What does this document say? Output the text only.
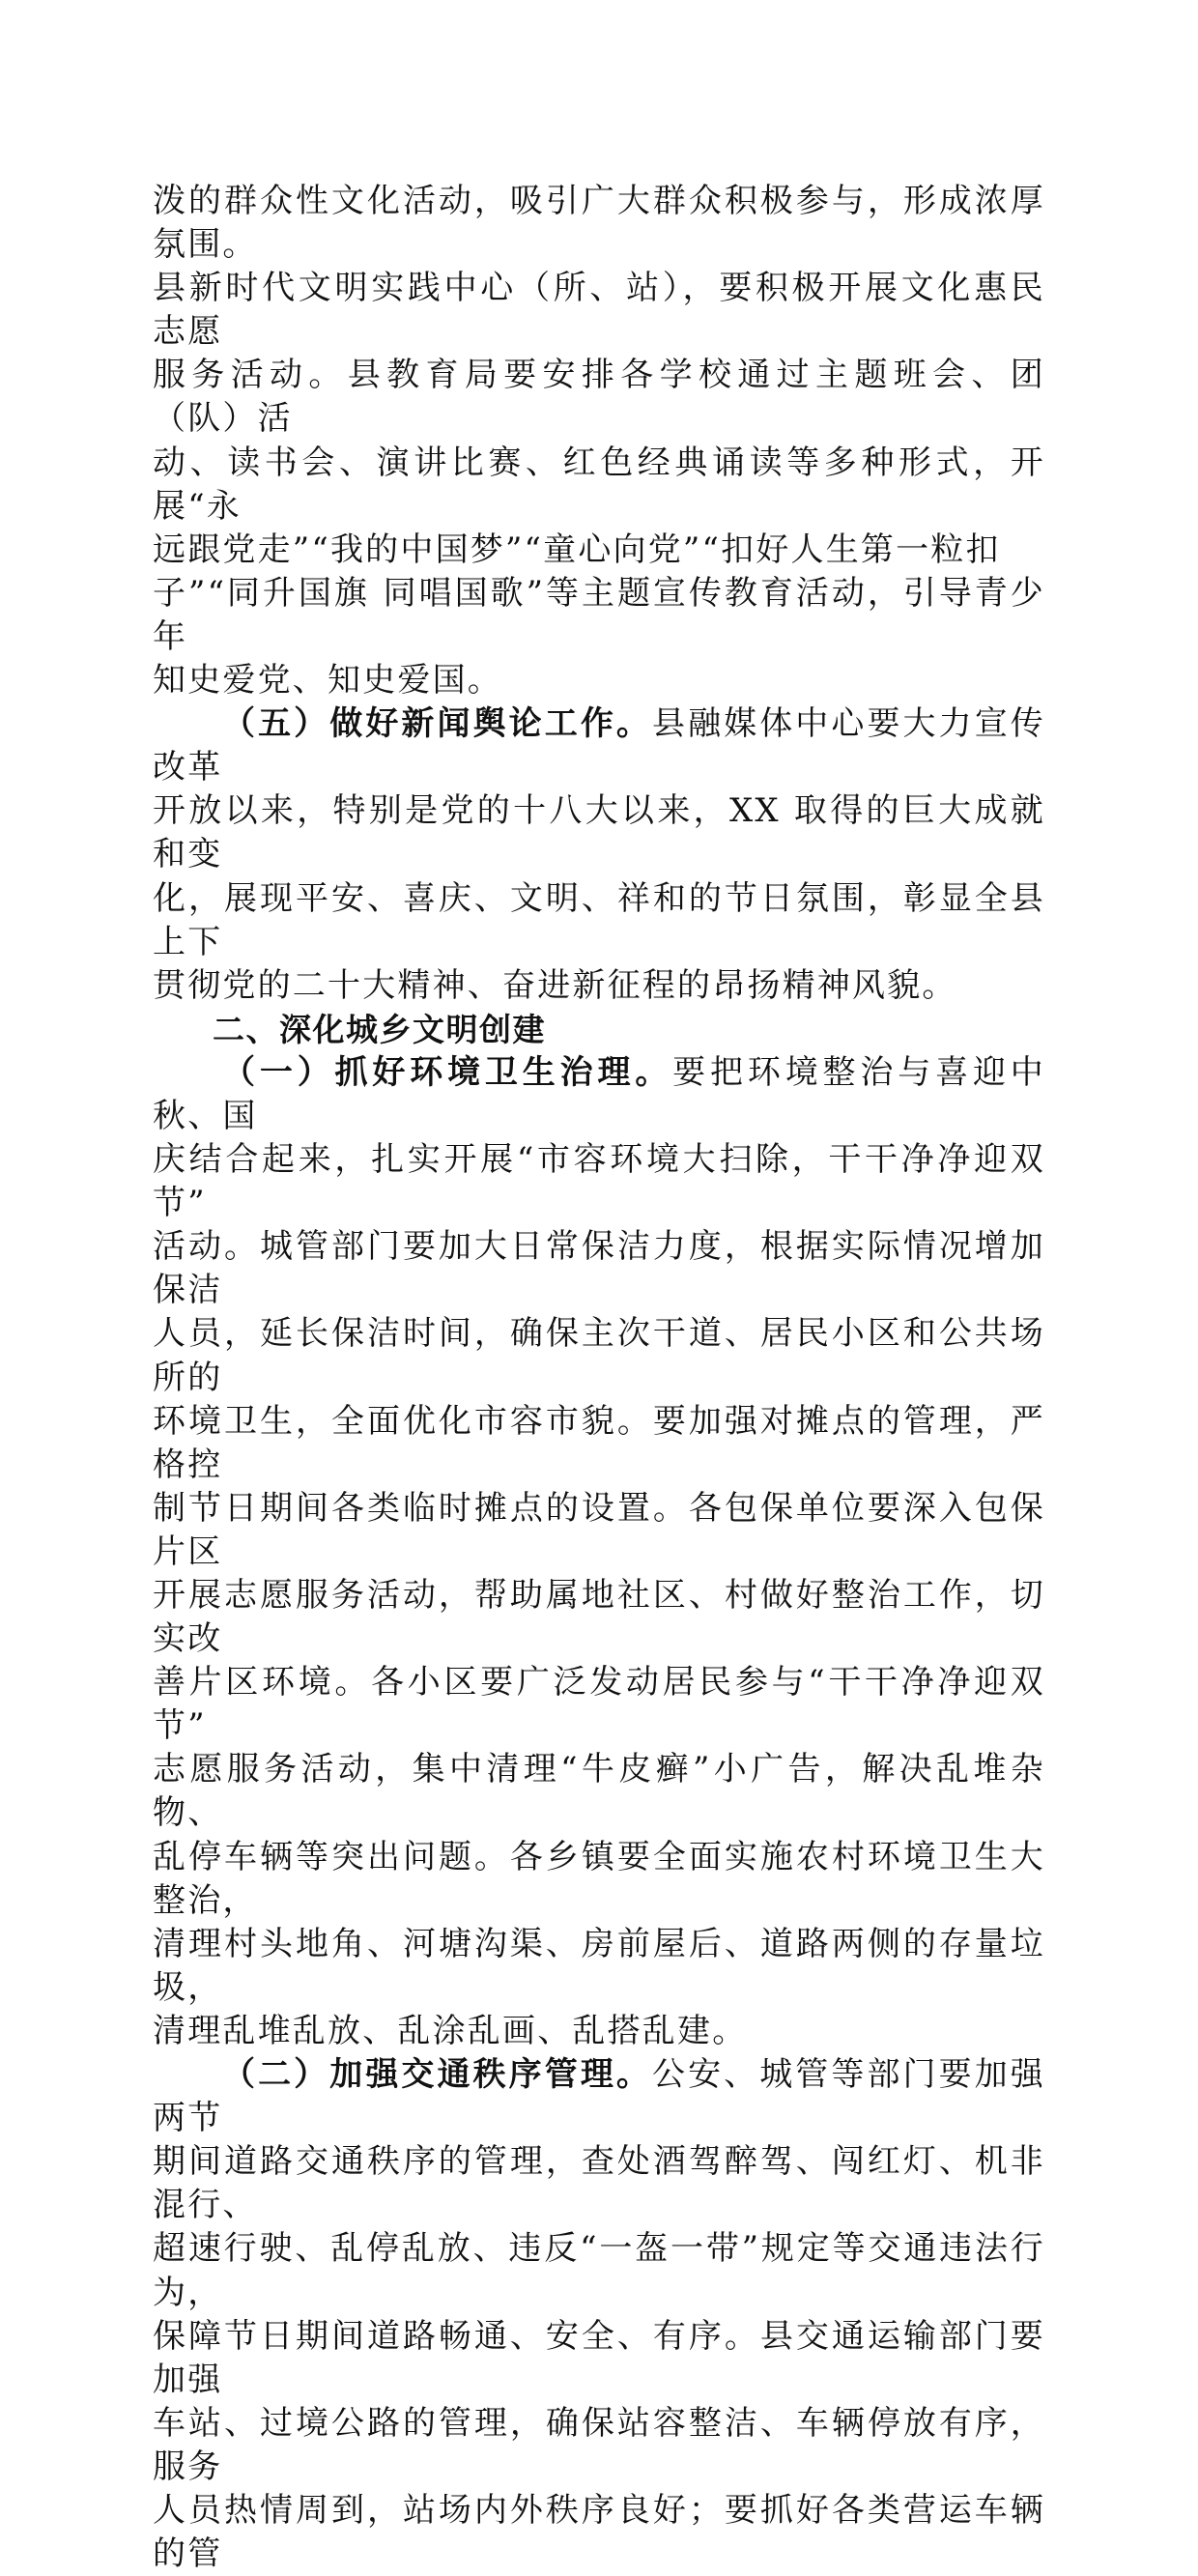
泼的群众性文化活动，吸引广大群众积极参与，形成浓厚氛围。
县新时代文明实践中心（所、站），要积极开展文化惠民志愿
服务活动。县教育局要安排各学校通过主题班会、团（队）活
动、读书会、演讲比赛、红色经典诵读等多种形式，开展“永
远跟党走”“我的中国梦”“童心向党”“扣好人生第一粒扣
子”“同升国旗 同唱国歌”等主题宣传教育活动，引导青少年
知史爱党、知史爱国。

（五）做好新闻舆论工作。县融媒体中心要大力宣传改革
开放以来，特别是党的十八大以来，XX 取得的巨大成就和变
化，展现平安、喜庆、文明、祥和的节日氛围，彰显全县上下
贯彻党的二十大精神、奋进新征程的昂扬精神风貌。

二、深化城乡文明创建

（一）抓好环境卫生治理。要把环境整治与喜迎中秋、国
庆结合起来，扎实开展“市容环境大扫除，干干净净迎双节”
活动。城管部门要加大日常保洁力度，根据实际情况增加保洁
人员，延长保洁时间，确保主次干道、居民小区和公共场所的
环境卫生，全面优化市容市貌。要加强对摊点的管理，严格控
制节日期间各类临时摊点的设置。各包保单位要深入包保片区
开展志愿服务活动，帮助属地社区、村做好整治工作，切实改
善片区环境。各小区要广泛发动居民参与“干干净净迎双节”
志愿服务活动，集中清理“牛皮癣”小广告，解决乱堆杂物、
乱停车辆等突出问题。各乡镇要全面实施农村环境卫生大整治，
清理村头地角、河塘沟渠、房前屋后、道路两侧的存量垃圾，
清理乱堆乱放、乱涂乱画、乱搭乱建。

（二）加强交通秩序管理。公安、城管等部门要加强两节
期间道路交通秩序的管理，查处酒驾醉驾、闯红灯、机非混行、
超速行驶、乱停乱放、违反“一盔一带”规定等交通违法行为，
保障节日期间道路畅通、安全、有序。县交通运输部门要加强
车站、过境公路的管理，确保站容整洁、车辆停放有序，服务
人员热情周到，站场内外秩序良好；要抓好各类营运车辆的管
